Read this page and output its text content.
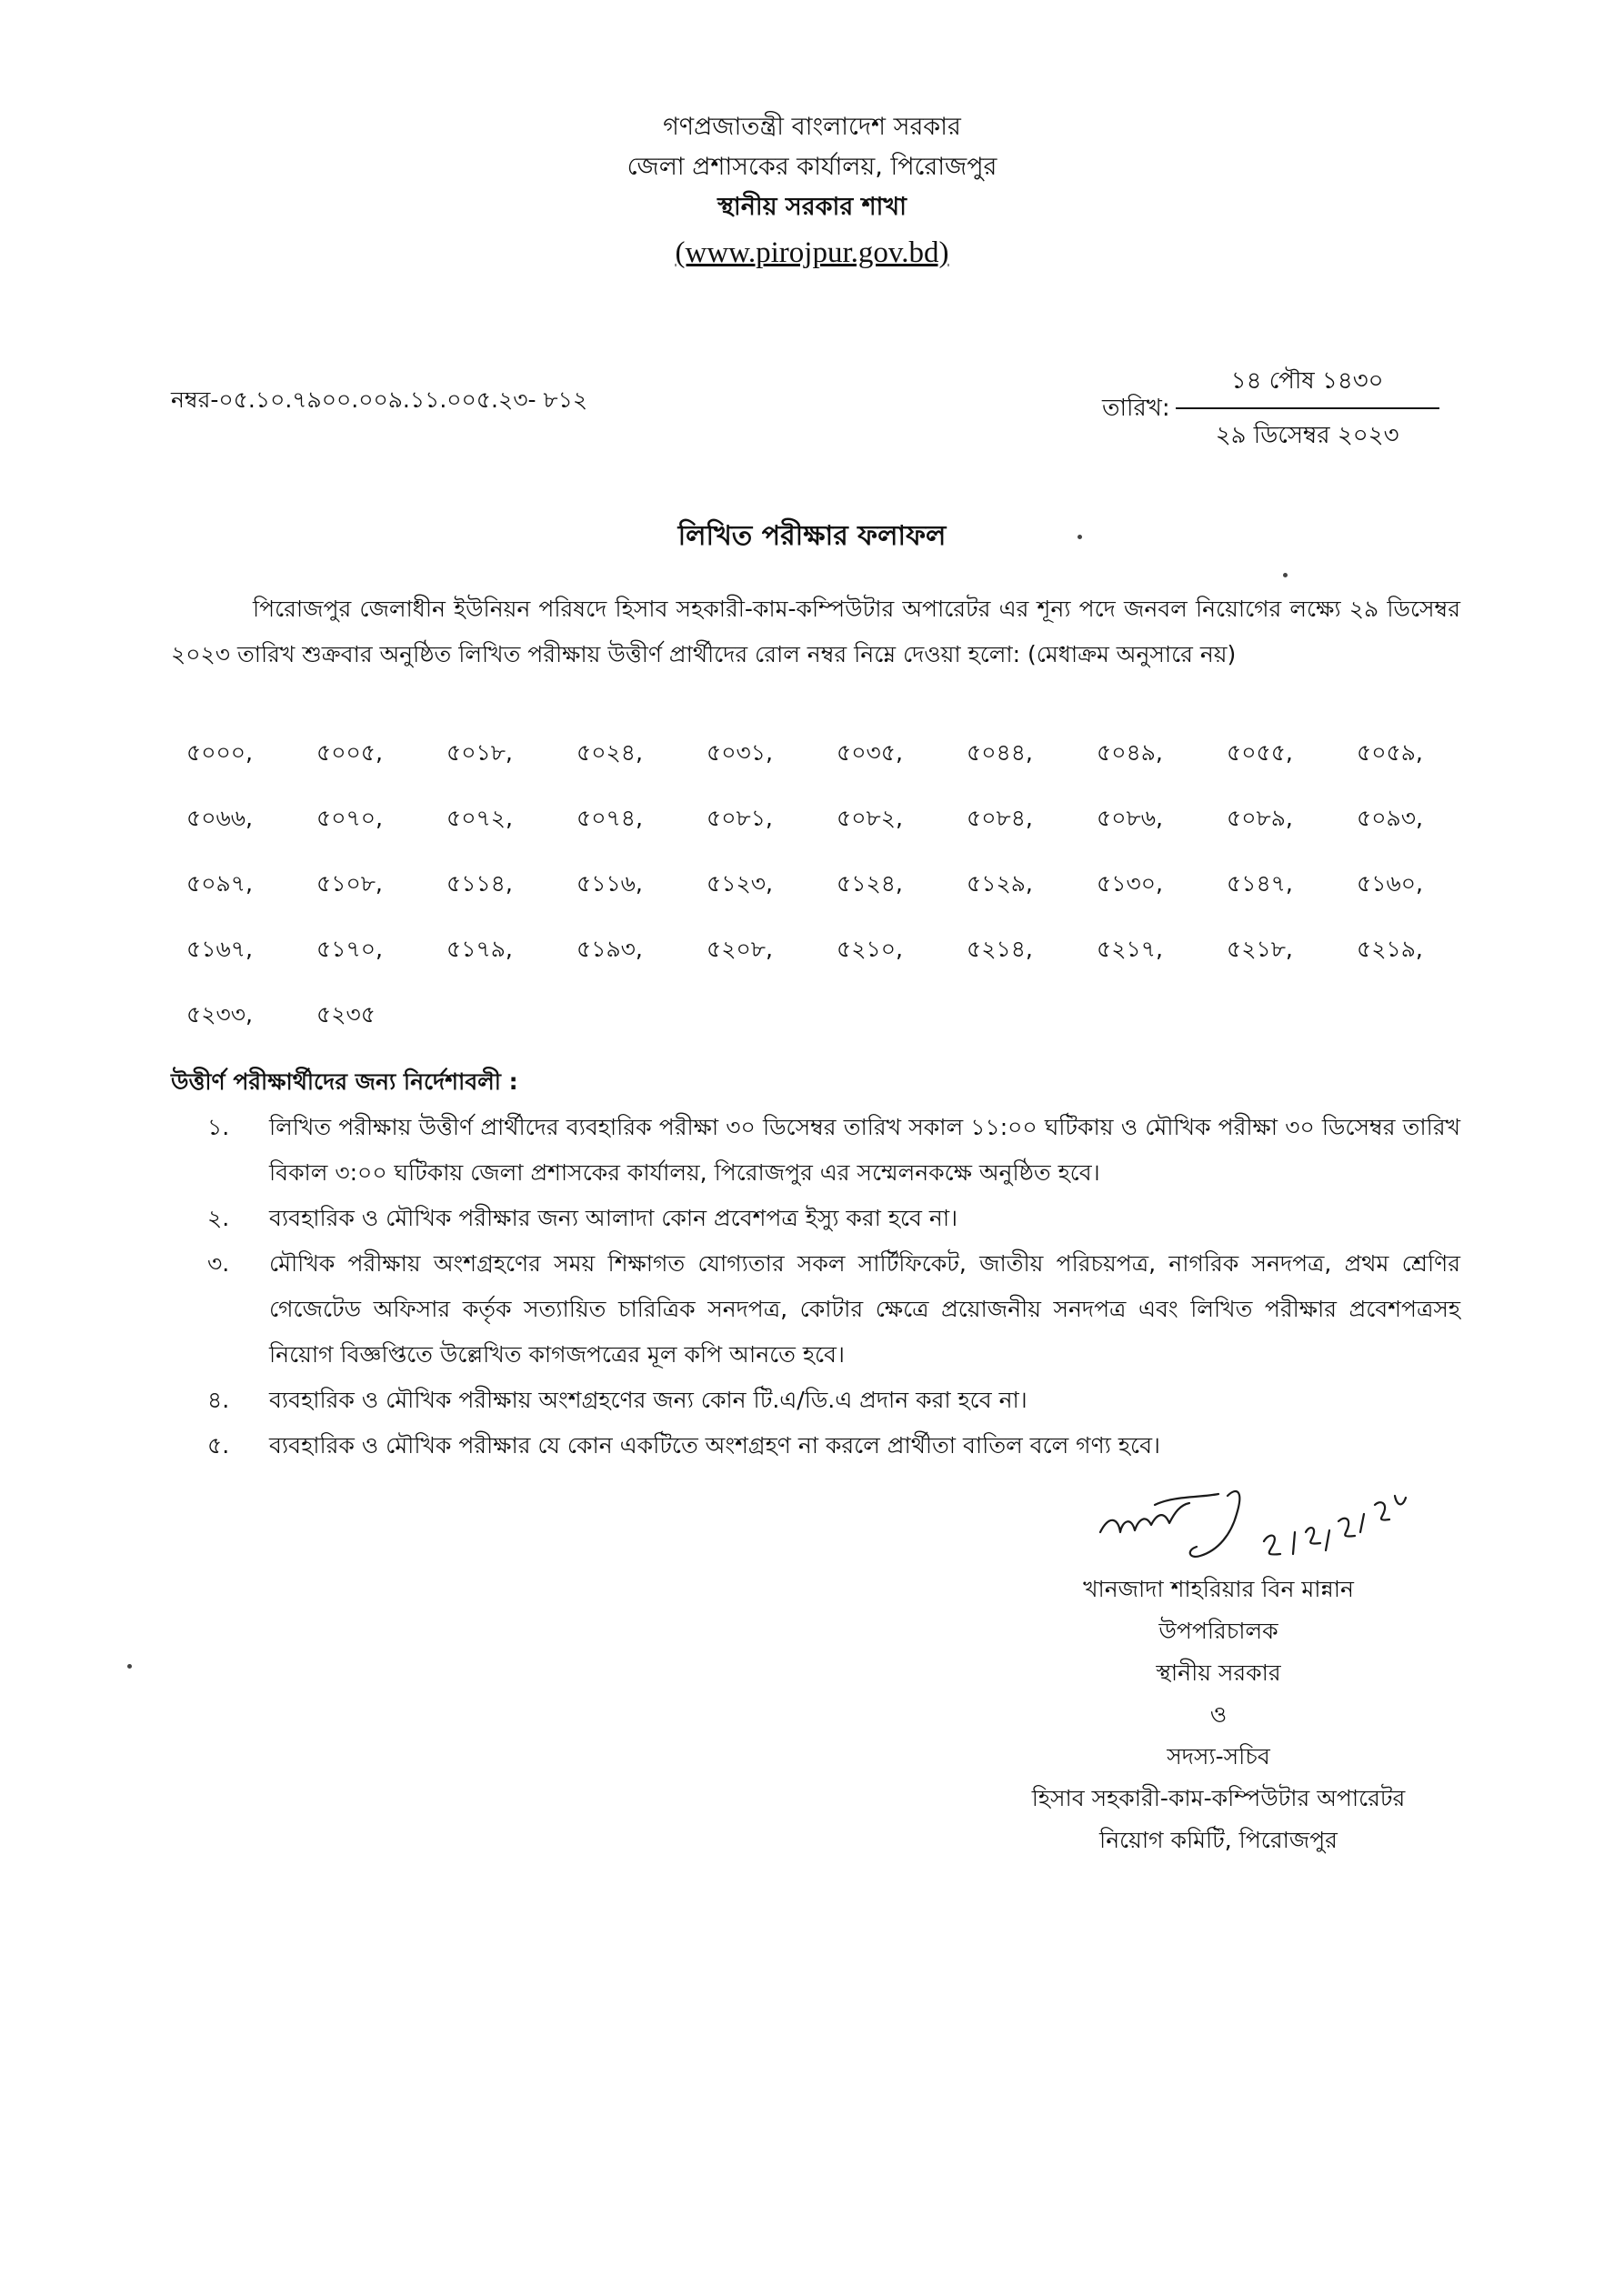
গণপ্রজাতন্ত্রী বাংলাদেশ সরকার
জেলা প্রশাসকের কার্যালয়, পিরোজপুর
স্থানীয় সরকার শাখা
(www.pirojpur.gov.bd)
নম্বর-০৫.১০.৭৯০০.০০৯.১১.০০৫.২৩- ৮১২	তারিখ: $\frac{\text{১৪ পৌষ ১৪৩০}}{\text{২৯ ডিসেম্বর ২০২৩}}$
লিখিত পরীক্ষার ফলাফল
পিরোজপুর জেলাধীন ইউনিয়ন পরিষদে হিসাব সহকারী-কাম-কম্পিউটার অপারেটর এর শূন্য পদে জনবল নিয়োগের লক্ষ্যে ২৯ ডিসেম্বর ২০২৩ তারিখ শুক্রবার অনুষ্ঠিত লিখিত পরীক্ষায় উত্তীর্ণ প্রার্থীদের রোল নম্বর নিম্নে দেওয়া হলো: (মেধাক্রম অনুসারে নয়)
৫০০০,	৫০০৫,	৫০১৮,	৫০২৪,	৫০৩১,	৫০৩৫,	৫০৪৪,	৫০৪৯,	৫০৫৫,	৫০৫৯,
৫০৬৬,	৫০৭০,	৫০৭২,	৫০৭৪,	৫০৮১,	৫০৮২,	৫০৮৪,	৫০৮৬,	৫০৮৯,	৫০৯৩,
৫০৯৭,	৫১০৮,	৫১১৪,	৫১১৬,	৫১২৩,	৫১২৪,	৫১২৯,	৫১৩০,	৫১৪৭,	৫১৬০,
৫১৬৭,	৫১৭০,	৫১৭৯,	৫১৯৩,	৫২০৮,	৫২১০,	৫২১৪,	৫২১৭,	৫২১৮,	৫২১৯,
৫২৩৩,	৫২৩৫
উত্তীর্ণ পরীক্ষার্থীদের জন্য নির্দেশাবলী :
১.	লিখিত পরীক্ষায় উত্তীর্ণ প্রার্থীদের ব্যবহারিক পরীক্ষা ৩০ ডিসেম্বর তারিখ সকাল ১১:০০ ঘটিকায় ও মৌখিক পরীক্ষা ৩০ ডিসেম্বর তারিখ বিকাল ৩:০০ ঘটিকায় জেলা প্রশাসকের কার্যালয়, পিরোজপুর এর সম্মেলনকক্ষে অনুষ্ঠিত হবে।
২.	ব্যবহারিক ও মৌখিক পরীক্ষার জন্য আলাদা কোন প্রবেশপত্র ইস্যু করা হবে না।
৩.	মৌখিক পরীক্ষায় অংশগ্রহণের সময় শিক্ষাগত যোগ্যতার সকল সার্টিফিকেট, জাতীয় পরিচয়পত্র, নাগরিক সনদপত্র, প্রথম শ্রেণির গেজেটেড অফিসার কর্তৃক সত্যায়িত চারিত্রিক সনদপত্র, কোটার ক্ষেত্রে প্রয়োজনীয় সনদপত্র এবং লিখিত পরীক্ষার প্রবেশপত্রসহ নিয়োগ বিজ্ঞপ্তিতে উল্লেখিত কাগজপত্রের মূল কপি আনতে হবে।
৪.	ব্যবহারিক ও মৌখিক পরীক্ষায় অংশগ্রহণের জন্য কোন টি.এ/ডি.এ প্রদান করা হবে না।
৫.	ব্যবহারিক ও মৌখিক পরীক্ষার যে কোন একটিতে অংশগ্রহণ না করলে প্রার্থীতা বাতিল বলে গণ্য হবে।
খানজাদা শাহরিয়ার বিন মান্নান
উপপরিচালক
স্থানীয় সরকার
ও
সদস্য-সচিব
হিসাব সহকারী-কাম-কম্পিউটার অপারেটর
নিয়োগ কমিটি, পিরোজপুর
